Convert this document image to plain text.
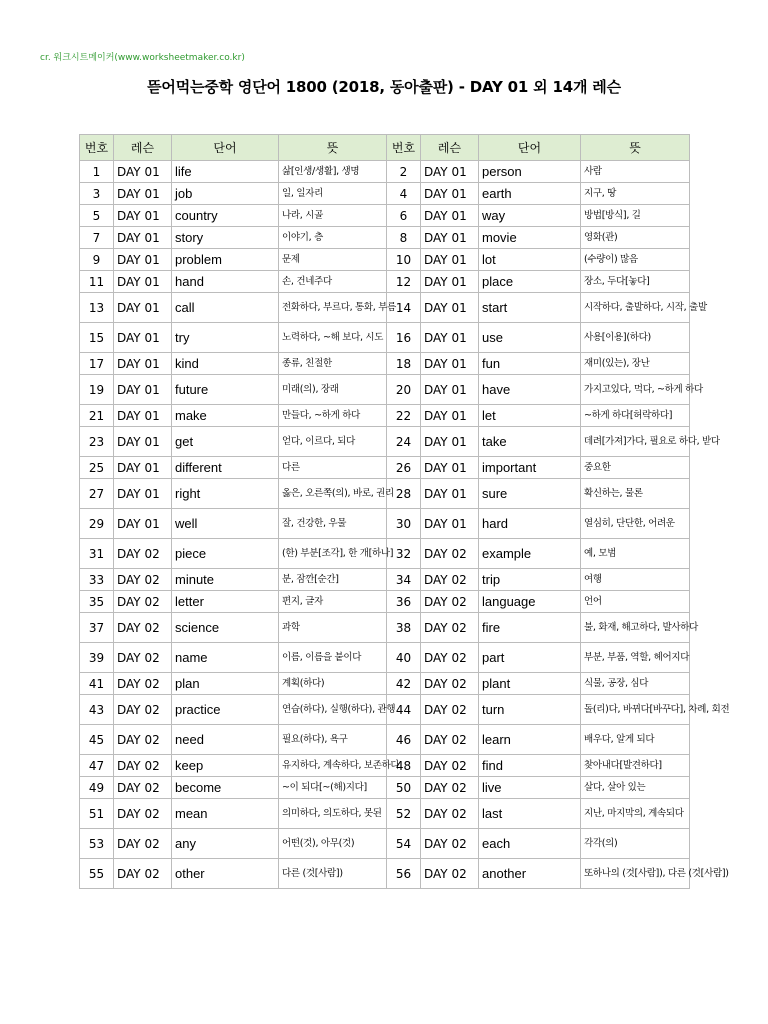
cr. 워크시트메이커(www.worksheetmaker.co.kr)
뜯어먹는중학 영단어 1800 (2018, 동아출판) - DAY 01 외 14개 레슨
번호	레슨	단어	뜻	번호	레슨	단어	뜻
1	DAY 01	life	삶[인생/생활], 생명	2	DAY 01	person	사람
3	DAY 01	job	일, 일자리	4	DAY 01	earth	지구, 땅
5	DAY 01	country	나라, 시골	6	DAY 01	way	방법[방식], 길
7	DAY 01	story	이야기, 층	8	DAY 01	movie	영화(관)
9	DAY 01	problem	문제	10	DAY 01	lot	(수량이) 많음
11	DAY 01	hand	손, 건네주다	12	DAY 01	place	장소, 두다[놓다]
13	DAY 01	call	전화하다, 부르다, 통화, 부름	14	DAY 01	start	시작하다, 출발하다, 시작, 출발
15	DAY 01	try	노력하다, ~해 보다, 시도	16	DAY 01	use	사용[이용](하다)
17	DAY 01	kind	종류, 친절한	18	DAY 01	fun	재미(있는), 장난
19	DAY 01	future	미래(의), 장래	20	DAY 01	have	가지고있다, 먹다, ~하게 하다
21	DAY 01	make	만들다, ~하게 하다	22	DAY 01	let	~하게 하다[허락하다]
23	DAY 01	get	얻다, 이르다, 되다	24	DAY 01	take	데려[가져]가다, 필요로 하다, 받다
25	DAY 01	different	다른	26	DAY 01	important	중요한
27	DAY 01	right	옳은, 오른쪽(의), 바로, 권리	28	DAY 01	sure	확신하는, 물론
29	DAY 01	well	잘, 건강한, 우물	30	DAY 01	hard	열심히, 단단한, 어려운
31	DAY 02	piece	(한) 부분[조각], 한 개[하나]	32	DAY 02	example	예, 모범
33	DAY 02	minute	분, 잠깐[순간]	34	DAY 02	trip	여행
35	DAY 02	letter	편지, 글자	36	DAY 02	language	언어
37	DAY 02	science	과학	38	DAY 02	fire	불, 화재, 해고하다, 발사하다
39	DAY 02	name	이름, 이름을 붙이다	40	DAY 02	part	부분, 부품, 역할, 헤어지다
41	DAY 02	plan	계획(하다)	42	DAY 02	plant	식물, 공장, 심다
43	DAY 02	practice	연습(하다), 실행(하다), 관행	44	DAY 02	turn	돌(리)다, 바뀌다[바꾸다], 차례, 회전
45	DAY 02	need	필요(하다), 욕구	46	DAY 02	learn	배우다, 알게 되다
47	DAY 02	keep	유지하다, 계속하다, 보존하다	48	DAY 02	find	찾아내다[발견하다]
49	DAY 02	become	~이 되다[~(해)지다]	50	DAY 02	live	살다, 살아 있는
51	DAY 02	mean	의미하다, 의도하다, 못된	52	DAY 02	last	지난, 마지막의, 계속되다
53	DAY 02	any	어떤(것), 아무(것)	54	DAY 02	each	각각(의)
55	DAY 02	other	다른 (것[사람])	56	DAY 02	another	또하나의 (것[사람]), 다른 (것[사람])
